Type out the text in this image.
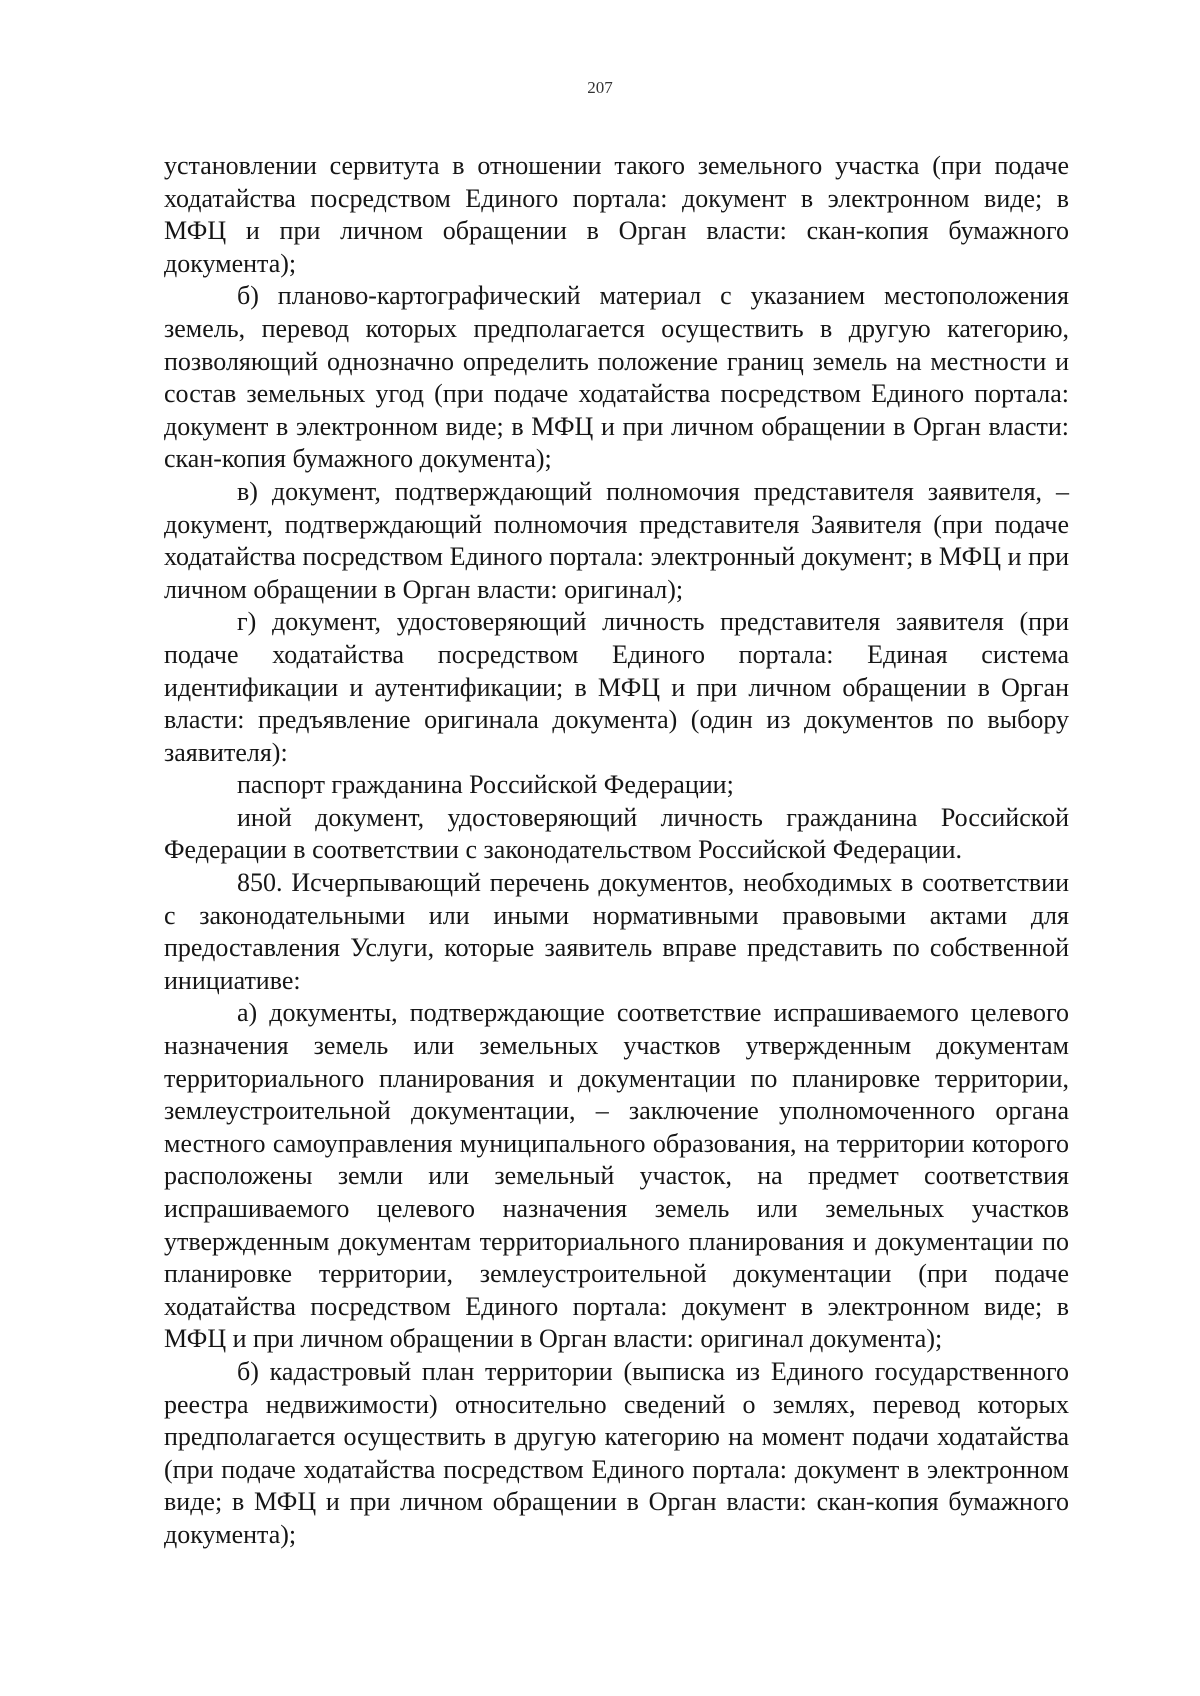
207

установлении сервитута в отношении такого земельного участка (при подаче ходатайства посредством Единого портала: документ в электронном виде; в МФЦ и при личном обращении в Орган власти: скан-копия бумажного документа);

б) планово-картографический материал с указанием местоположения земель, перевод которых предполагается осуществить в другую категорию, позволяющий однозначно определить положение границ земель на местности и состав земельных угод (при подаче ходатайства посредством Единого портала: документ в электронном виде; в МФЦ и при личном обращении в Орган власти: скан-копия бумажного документа);

в) документ, подтверждающий полномочия представителя заявителя, – документ, подтверждающий полномочия представителя Заявителя (при подаче ходатайства посредством Единого портала: электронный документ; в МФЦ и при личном обращении в Орган власти: оригинал);

г) документ, удостоверяющий личность представителя заявителя (при подаче ходатайства посредством Единого портала: Единая система идентификации и аутентификации; в МФЦ и при личном обращении в Орган власти: предъявление оригинала документа) (один из документов по выбору заявителя):

паспорт гражданина Российской Федерации;

иной документ, удостоверяющий личность гражданина Российской Федерации в соответствии с законодательством Российской Федерации.

850. Исчерпывающий перечень документов, необходимых в соответствии с законодательными или иными нормативными правовыми актами для предоставления Услуги, которые заявитель вправе представить по собственной инициативе:

а) документы, подтверждающие соответствие испрашиваемого целевого назначения земель или земельных участков утвержденным документам территориального планирования и документации по планировке территории, землеустроительной документации, – заключение уполномоченного органа местного самоуправления муниципального образования, на территории которого расположены земли или земельный участок, на предмет соответствия испрашиваемого целевого назначения земель или земельных участков утвержденным документам территориального планирования и документации по планировке территории, землеустроительной документации (при подаче ходатайства посредством Единого портала: документ в электронном виде; в МФЦ и при личном обращении в Орган власти: оригинал документа);

б) кадастровый план территории (выписка из Единого государственного реестра недвижимости) относительно сведений о землях, перевод которых предполагается осуществить в другую категорию на момент подачи ходатайства (при подаче ходатайства посредством Единого портала: документ в электронном виде; в МФЦ и при личном обращении в Орган власти: скан-копия бумажного документа);
